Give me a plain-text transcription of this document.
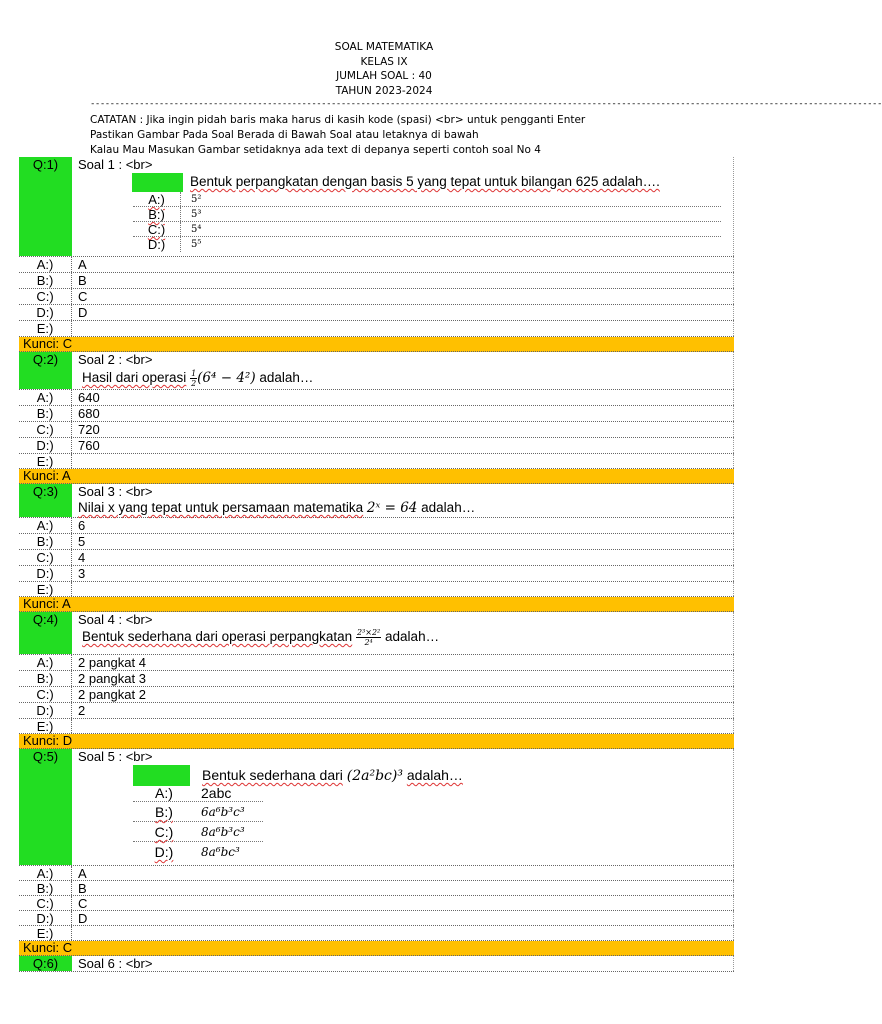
SOAL MATEMATIKA
KELAS IX
JUMLAH SOAL : 40
TAHUN 2023-2024
-----------------------------------------------------------------------------------------------------------------------------------------------------------------
CATATAN : Jika ingin pidah baris maka harus di kasih kode (spasi) <br> untuk pengganti Enter
Pastikan Gambar Pada Soal Berada di Bawah Soal atau letaknya di bawah
Kalau Mau Masukan Gambar setidaknya ada text di depanya seperti contoh soal No 4
Q:1)	Soal 1 : <br>
Bentuk perpangkatan dengan basis 5 yang tepat untuk bilangan 625 adalah….
A:)	5²
B:)	5³
C:)	5⁴
D:)	5⁵
A:)	A
B:)	B
C:)	C
D:)	D
E:)
Kunci: C
Q:2)	Soal 2 : <br>
Hasil dari operasi $\frac{1}{2} (6^4 - 4^2)$ adalah…
A:)	640
B:)	680
C:)	720
D:)	760
E:)
Kunci: A
Q:3)	Soal 3 : <br>
Nilai x yang tepat untuk persamaan matematika 2ˣ = 64 adalah…
A:)	6
B:)	5
C:)	4
D:)	3
E:)
Kunci: A
Q:4)	Soal 4 : <br>
Bentuk sederhana dari operasi perpangkatan $\frac{\text{2³×2²}}{\text{2⁴}}$ adalah…
A:)	2 pangkat 4
B:)	2 pangkat 3
C:)	2 pangkat 2
D:)	2
E:)
Kunci: D
Q:5)	Soal 5 : <br>
Bentuk sederhana dari (2a²bc)³ adalah…
A:)	2abc
B:)	6a⁶b³c³
C:)	8a⁶b³c³
D:)	8a⁶bc³
A:)	A
B:)	B
C:)	C
D:)	D
E:)
Kunci: C
Q:6)	Soal 6 : <br>
